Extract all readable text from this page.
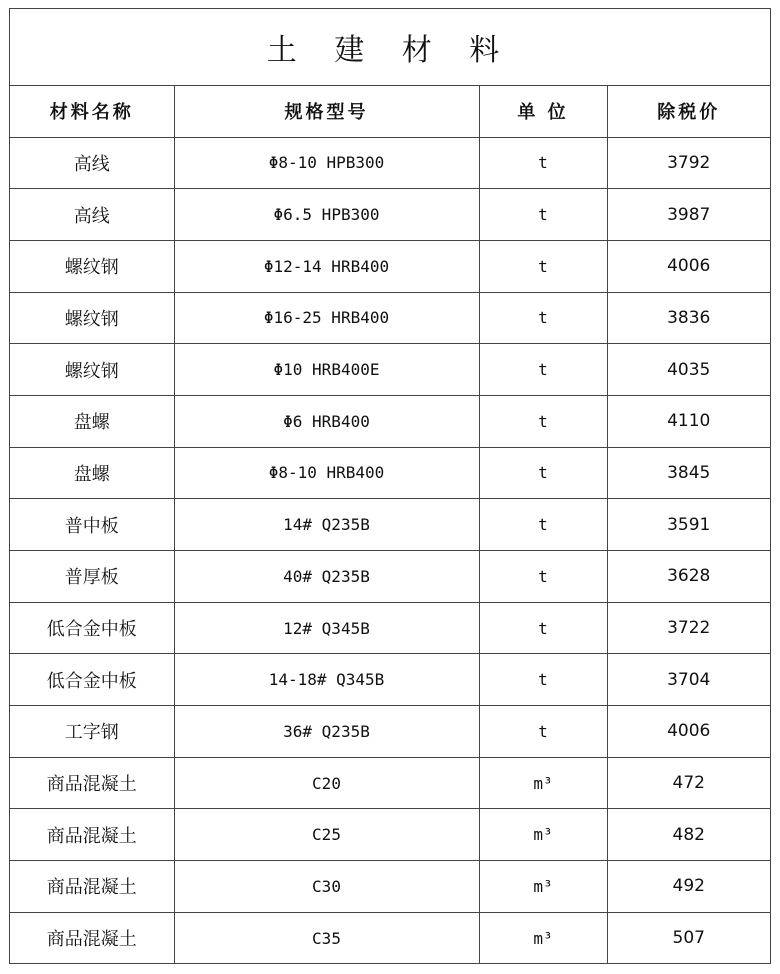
土 建 材 料
材料名称	规格型号	单 位	除税价
高线	Φ8-10 HPB300	t	3792
高线	Φ6.5 HPB300	t	3987
螺纹钢	Φ12-14 HRB400	t	4006
螺纹钢	Φ16-25 HRB400	t	3836
螺纹钢	Φ10 HRB400E	t	4035
盘螺	Φ6 HRB400	t	4110
盘螺	Φ8-10 HRB400	t	3845
普中板	14# Q235B	t	3591
普厚板	40# Q235B	t	3628
低合金中板	12# Q345B	t	3722
低合金中板	14-18# Q345B	t	3704
工字钢	36# Q235B	t	4006
商品混凝土	C20	m³	472
商品混凝土	C25	m³	482
商品混凝土	C30	m³	492
商品混凝土	C35	m³	507
